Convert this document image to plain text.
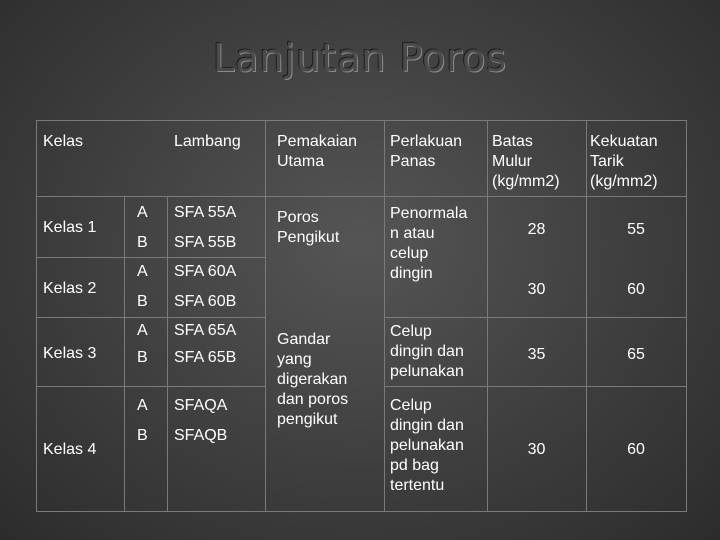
Lanjutan Poros
Kelas	Lambang Pemakaian
Utama
Perlakuan
Panas
Batas
Mulur
(kg/mm2)
Kekuatan
Tarik
(kg/mm2)
Kelas 1
Kelas 2
Kelas 3
Kelas 4
A
B
A
B
A
B
A
B
SFA 55A
SFA 55B
SFA 60A
SFA 60B
SFA 65A
SFA 65B
SFAQA
SFAQB
Poros
Pengikut
Gandar
yang
digerakan
dan poros
pengikut
Penormala
n atau
celup
dingin
Celup
dingin dan
pelunakan
Celup
dingin dan
pelunakan
pd bag
tertentu
28
30
35
30
55
60
65
60
